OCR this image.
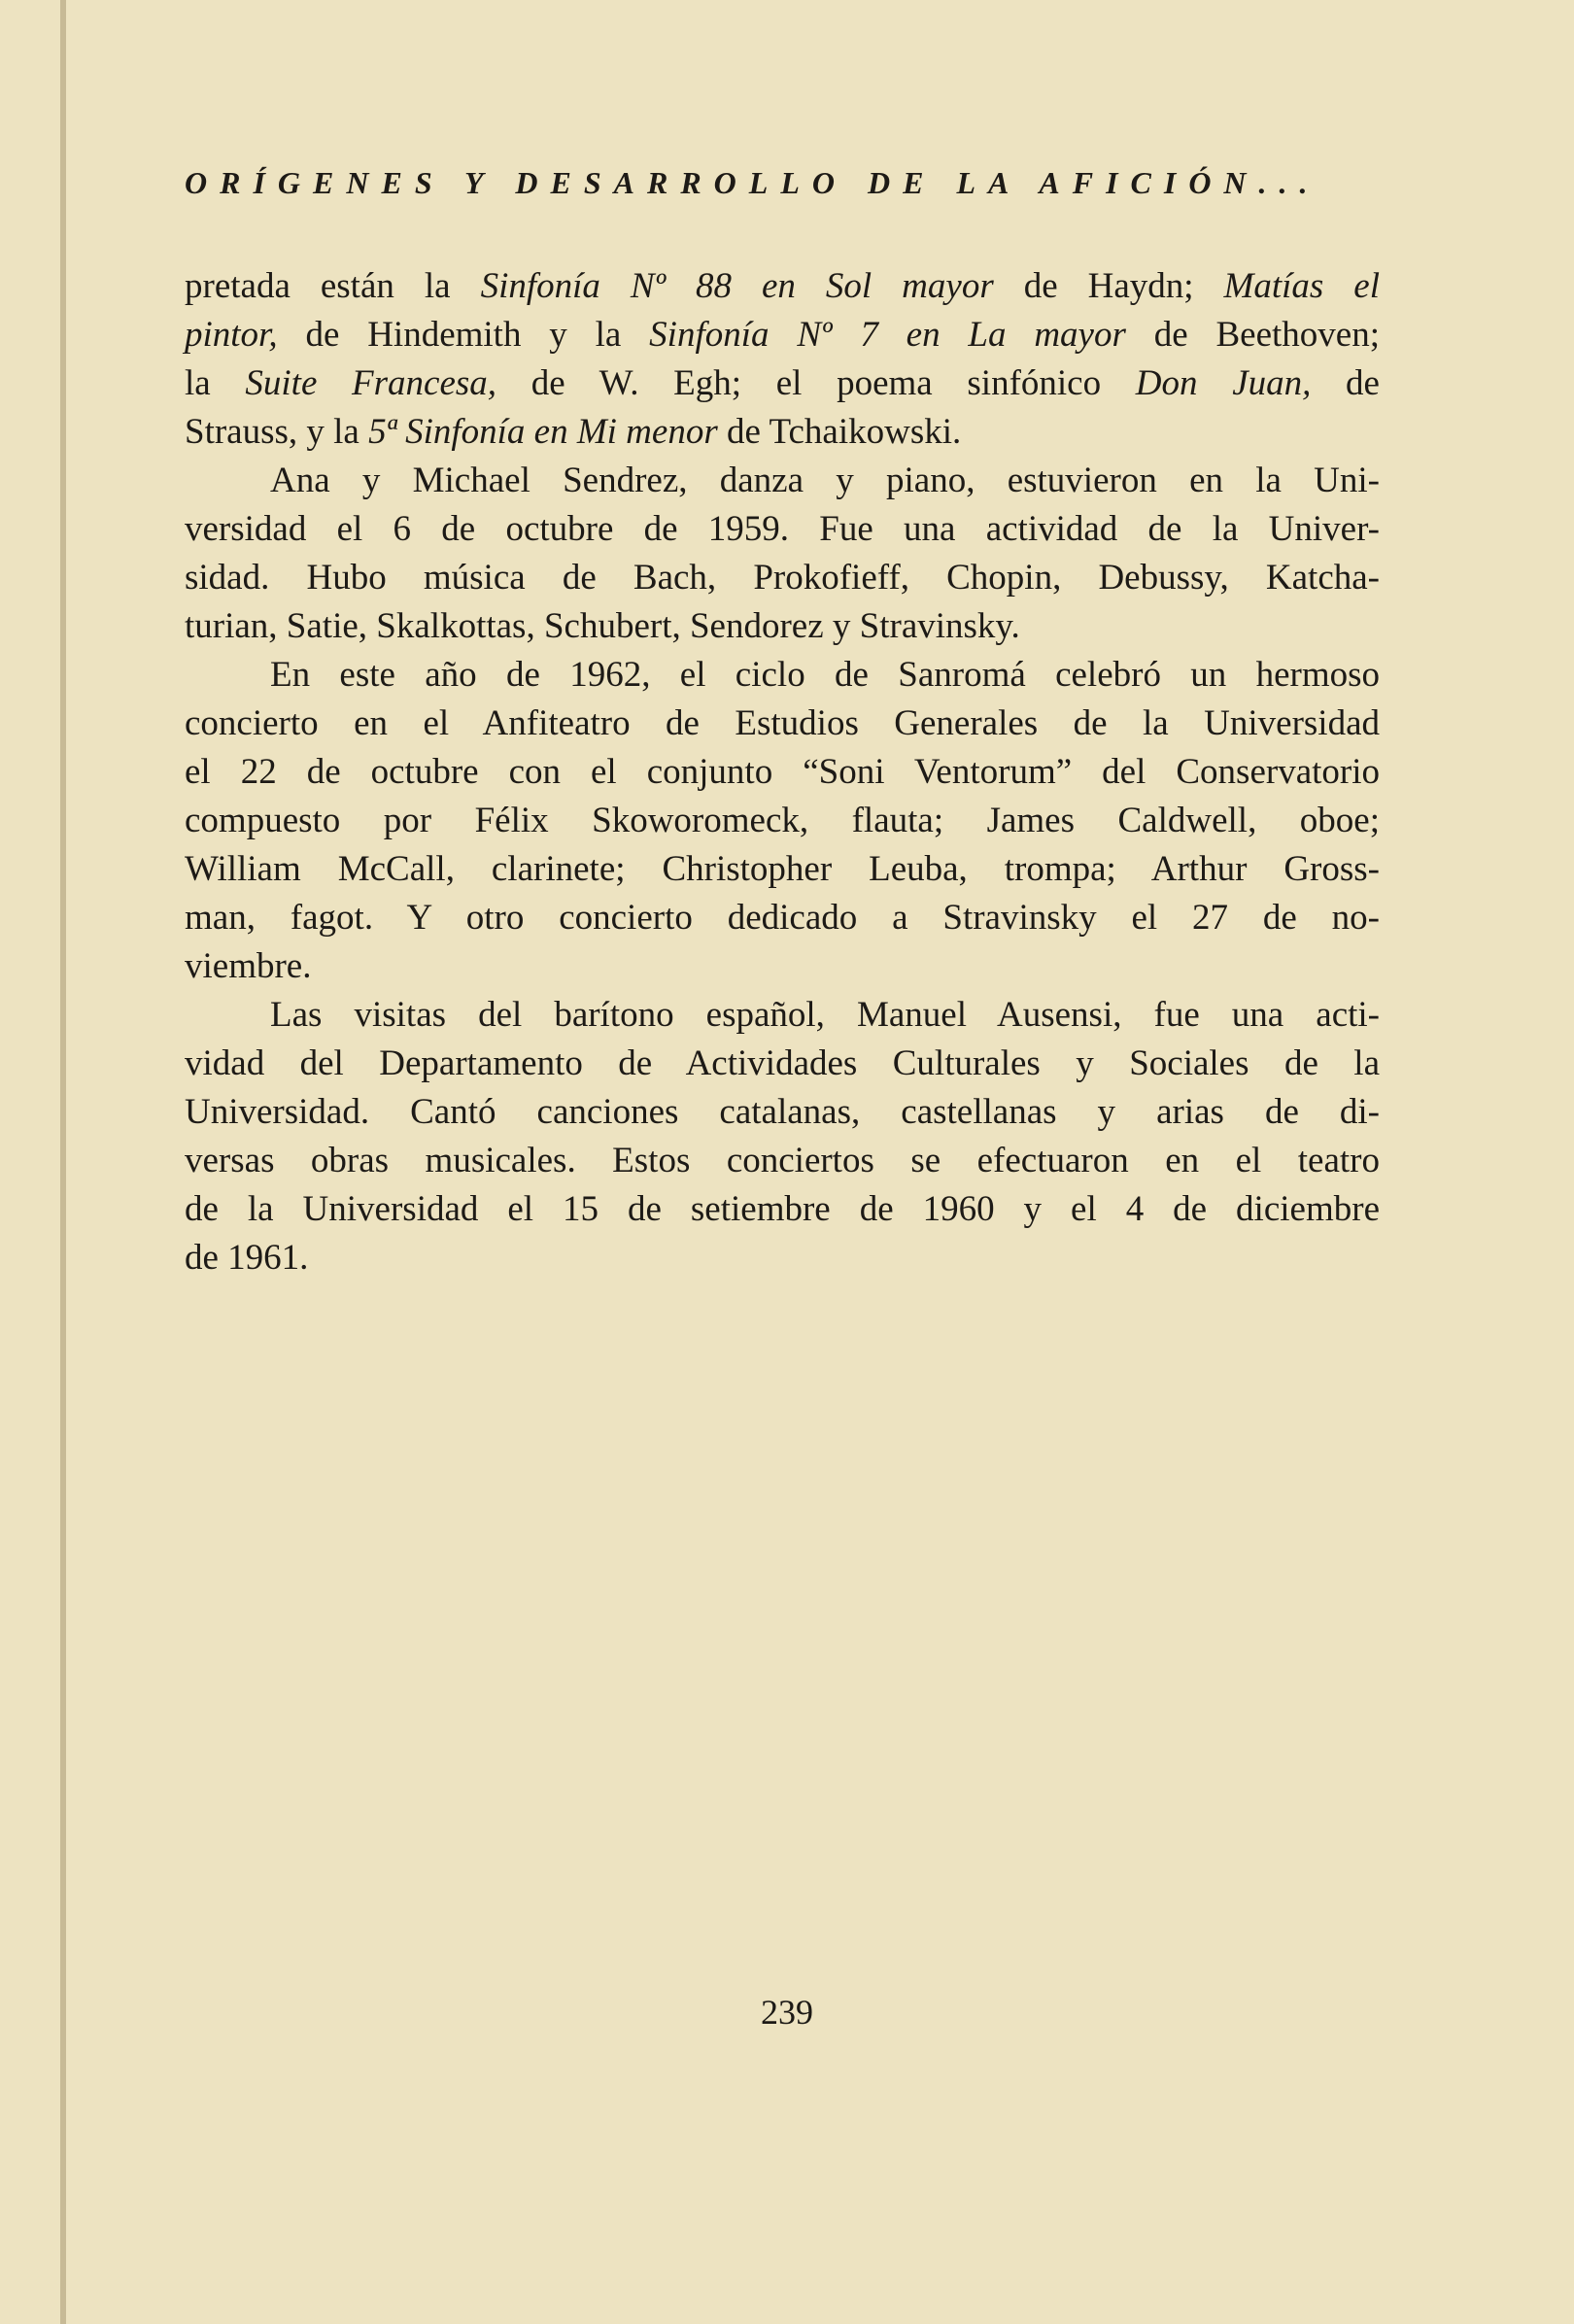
ORÍGENES Y DESARROLLO DE LA AFICIÓN...

pretada están la Sinfonía Nº 88 en Sol mayor de Haydn; Matías el
pintor, de Hindemith y la Sinfonía Nº 7 en La mayor de Beethoven;
la Suite Francesa, de W. Egh; el poema sinfónico Don Juan, de
Strauss, y la 5ª Sinfonía en Mi menor de Tchaikowski.
Ana y Michael Sendrez, danza y piano, estuvieron en la Uni-
versidad el 6 de octubre de 1959. Fue una actividad de la Univer-
sidad. Hubo música de Bach, Prokofieff, Chopin, Debussy, Katcha-
turian, Satie, Skalkottas, Schubert, Sendorez y Stravinsky.
En este año de 1962, el ciclo de Sanromá celebró un hermoso
concierto en el Anfiteatro de Estudios Generales de la Universidad
el 22 de octubre con el conjunto “Soni Ventorum” del Conservatorio
compuesto por Félix Skoworomeck, flauta; James Caldwell, oboe;
William McCall, clarinete; Christopher Leuba, trompa; Arthur Gross-
man, fagot. Y otro concierto dedicado a Stravinsky el 27 de no-
viembre.
Las visitas del barítono español, Manuel Ausensi, fue una acti-
vidad del Departamento de Actividades Culturales y Sociales de la
Universidad. Cantó canciones catalanas, castellanas y arias de di-
versas obras musicales. Estos conciertos se efectuaron en el teatro
de la Universidad el 15 de setiembre de 1960 y el 4 de diciembre
de 1961.

239
